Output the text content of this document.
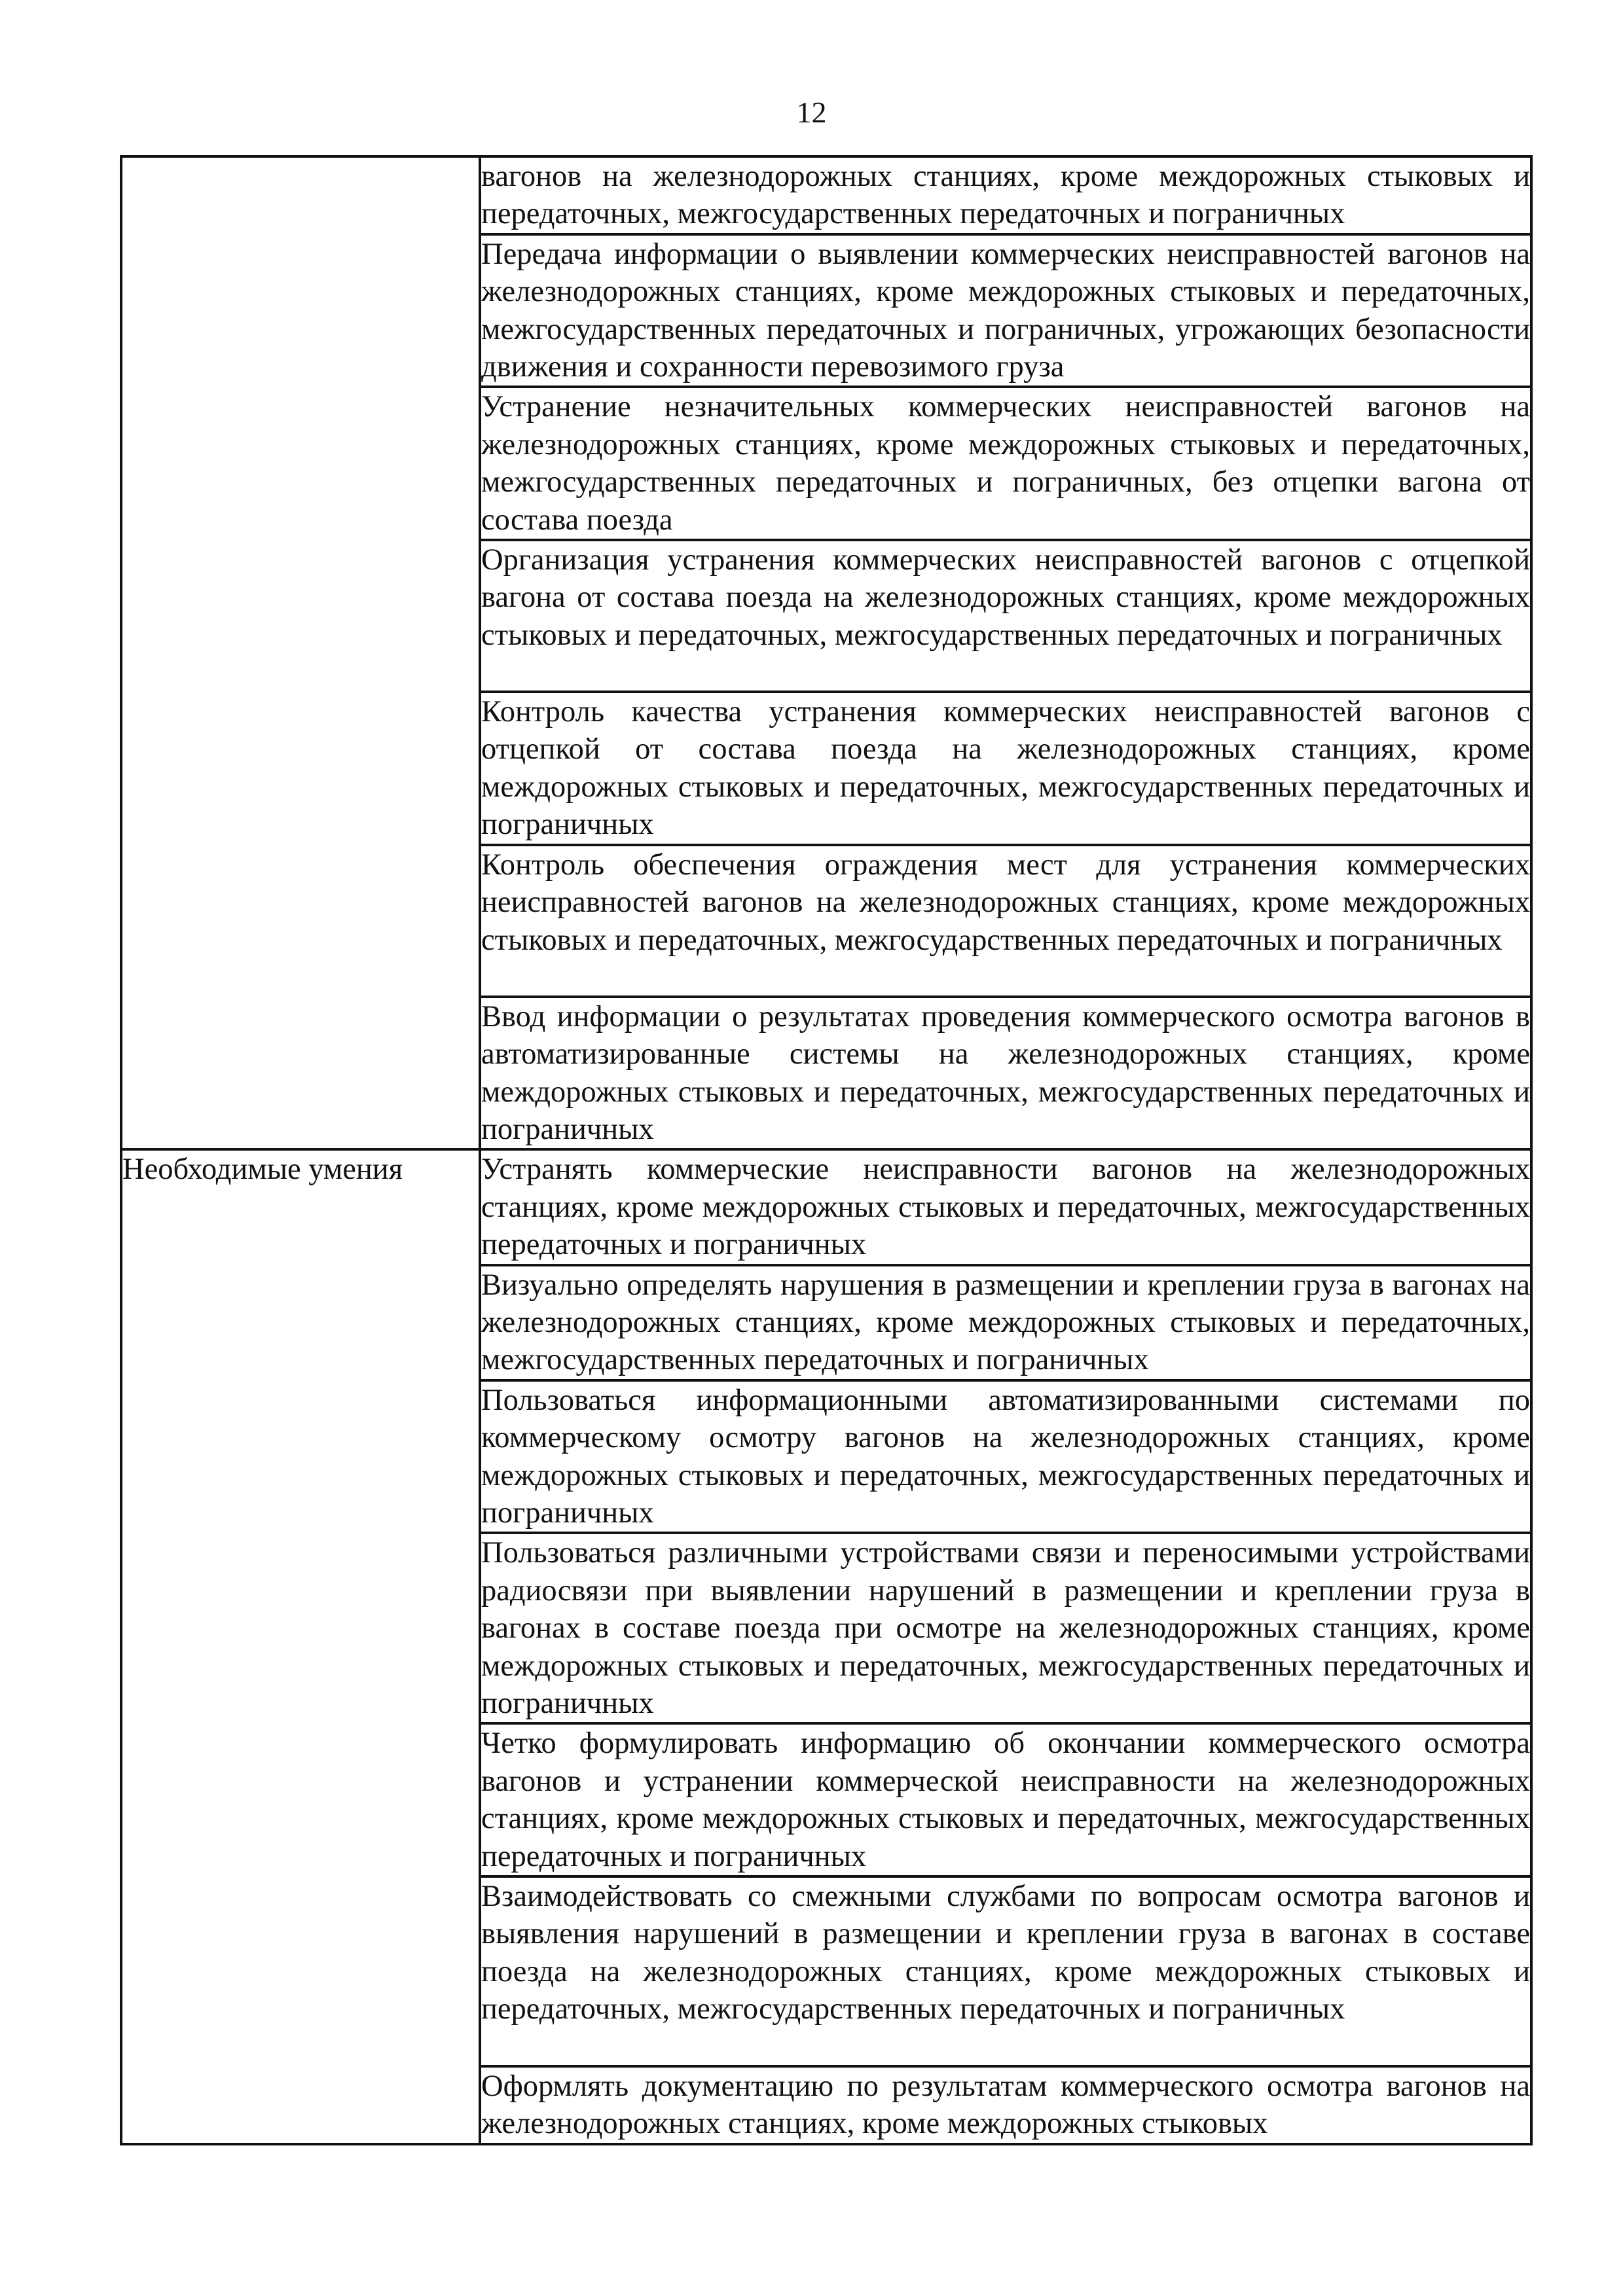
12
	вагонов на железнодорожных станциях, кроме междорожных стыковых и передаточных, межгосударственных передаточных и пограничных
	Передача информации о выявлении коммерческих неисправностей вагонов на железнодорожных станциях, кроме междорожных стыковых и передаточных, межгосударственных передаточных и пограничных, угрожающих безопасности движения и сохранности перевозимого груза
	Устранение незначительных коммерческих неисправностей вагонов на железнодорожных станциях, кроме междорожных стыковых и передаточных, межгосударственных передаточных и пограничных, без отцепки вагона от состава поезда
	Организация устранения коммерческих неисправностей вагонов с отцепкой вагона от состава поезда на железнодорожных станциях, кроме междорожных стыковых и передаточных, межгосударственных передаточных и пограничных
	Контроль качества устранения коммерческих неисправностей вагонов с отцепкой от состава поезда на железнодорожных станциях, кроме междорожных стыковых и передаточных, межгосударственных передаточных и пограничных
	Контроль обеспечения ограждения мест для устранения коммерческих неисправностей вагонов на железнодорожных станциях, кроме междорожных стыковых и передаточных, межгосударственных передаточных и пограничных
	Ввод информации о результатах проведения коммерческого осмотра вагонов в автоматизированные системы на железнодорожных станциях, кроме междорожных стыковых и передаточных, межгосударственных передаточных и пограничных
Необходимые умения	Устранять коммерческие неисправности вагонов на железнодорожных станциях, кроме междорожных стыковых и передаточных, межгосударственных передаточных и пограничных
	Визуально определять нарушения в размещении и креплении груза в вагонах на железнодорожных станциях, кроме междорожных стыковых и передаточных, межгосударственных передаточных и пограничных
	Пользоваться информационными автоматизированными системами по коммерческому осмотру вагонов на железнодорожных станциях, кроме междорожных стыковых и передаточных, межгосударственных передаточных и пограничных
	Пользоваться различными устройствами связи и переносимыми устройствами радиосвязи при выявлении нарушений в размещении и креплении груза в вагонах в составе поезда при осмотре на железнодорожных станциях, кроме междорожных стыковых и передаточных, межгосударственных передаточных и пограничных
	Четко формулировать информацию об окончании коммерческого осмотра вагонов и устранении коммерческой неисправности на железнодорожных станциях, кроме междорожных стыковых и передаточных, межгосударственных передаточных и пограничных
	Взаимодействовать со смежными службами по вопросам осмотра вагонов и выявления нарушений в размещении и креплении груза в вагонах в составе поезда на железнодорожных станциях, кроме междорожных стыковых и передаточных, межгосударственных передаточных и пограничных
	Оформлять документацию по результатам коммерческого осмотра вагонов на железнодорожных станциях, кроме междорожных стыковых
